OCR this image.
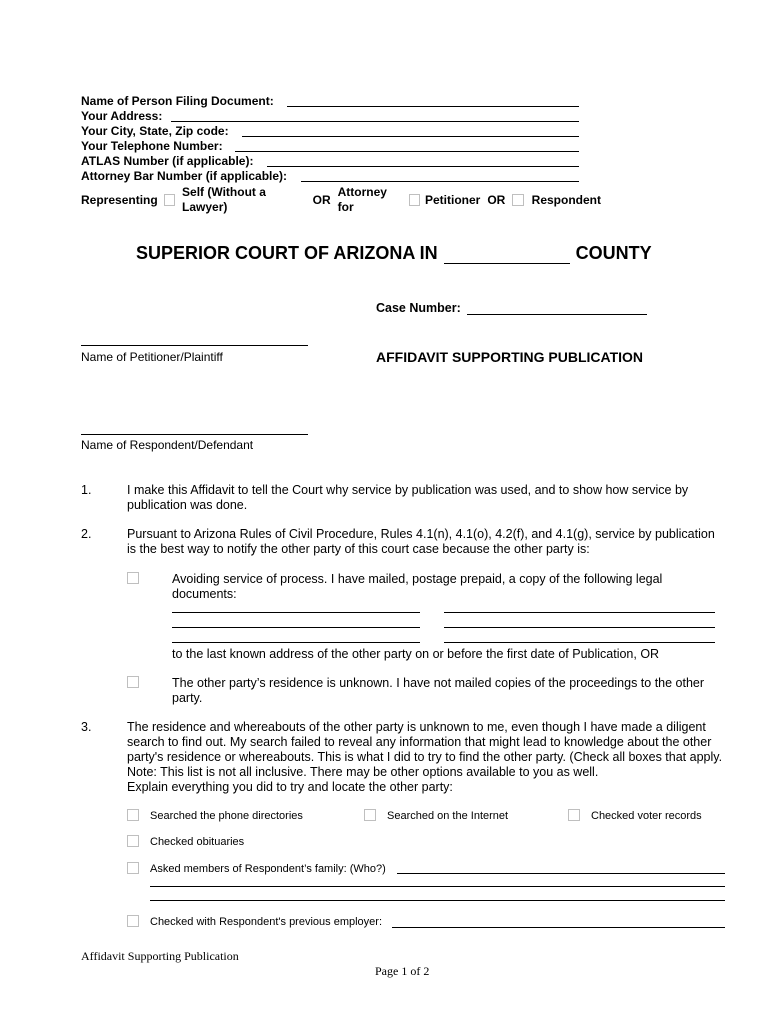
Name of Person Filing Document:
Your Address:
Your City, State, Zip code:
Your Telephone Number:
ATLAS Number (if applicable):
Attorney Bar Number (if applicable):
Representing
Self (Without a Lawyer)
OR
Attorney for
Petitioner OR Respondent
SUPERIOR COURT OF ARIZONA IN	COUNTY
Case Number:
Name of Petitioner/Plaintiff	AFFIDAVIT SUPPORTING PUBLICATION
Name of Respondent/Defendant
1.	I make this Affidavit to tell the Court why service by publication was used, and to show how service by publication was done.
2.	Pursuant to Arizona Rules of Civil Procedure, Rules 4.1(n), 4.1(o), 4.2(f), and 4.1(g), service by publication is the best way to notify the other party of this court case because the other party is:
Avoiding service of process. I have mailed, postage prepaid, a copy of the following legal documents:
to the last known address of the other party on or before the first date of Publication, OR
The other party’s residence is unknown. I have not mailed copies of the proceedings to the other party.
3.	The residence and whereabouts of the other party is unknown to me, even though I have made a diligent search to find out. My search failed to reveal any information that might lead to knowledge about the other party's residence or whereabouts. This is what I did to try to find the other party. (Check all boxes that apply. Note: This list is not all inclusive. There may be other options available to you as well.
Explain everything you did to try and locate the other party:
Searched the phone directories	Searched on the Internet	Checked voter records
Checked obituaries
Asked members of Respondent’s family: (Who?)
Checked with Respondent's previous employer:
Affidavit Supporting Publication
Page 1 of 2
